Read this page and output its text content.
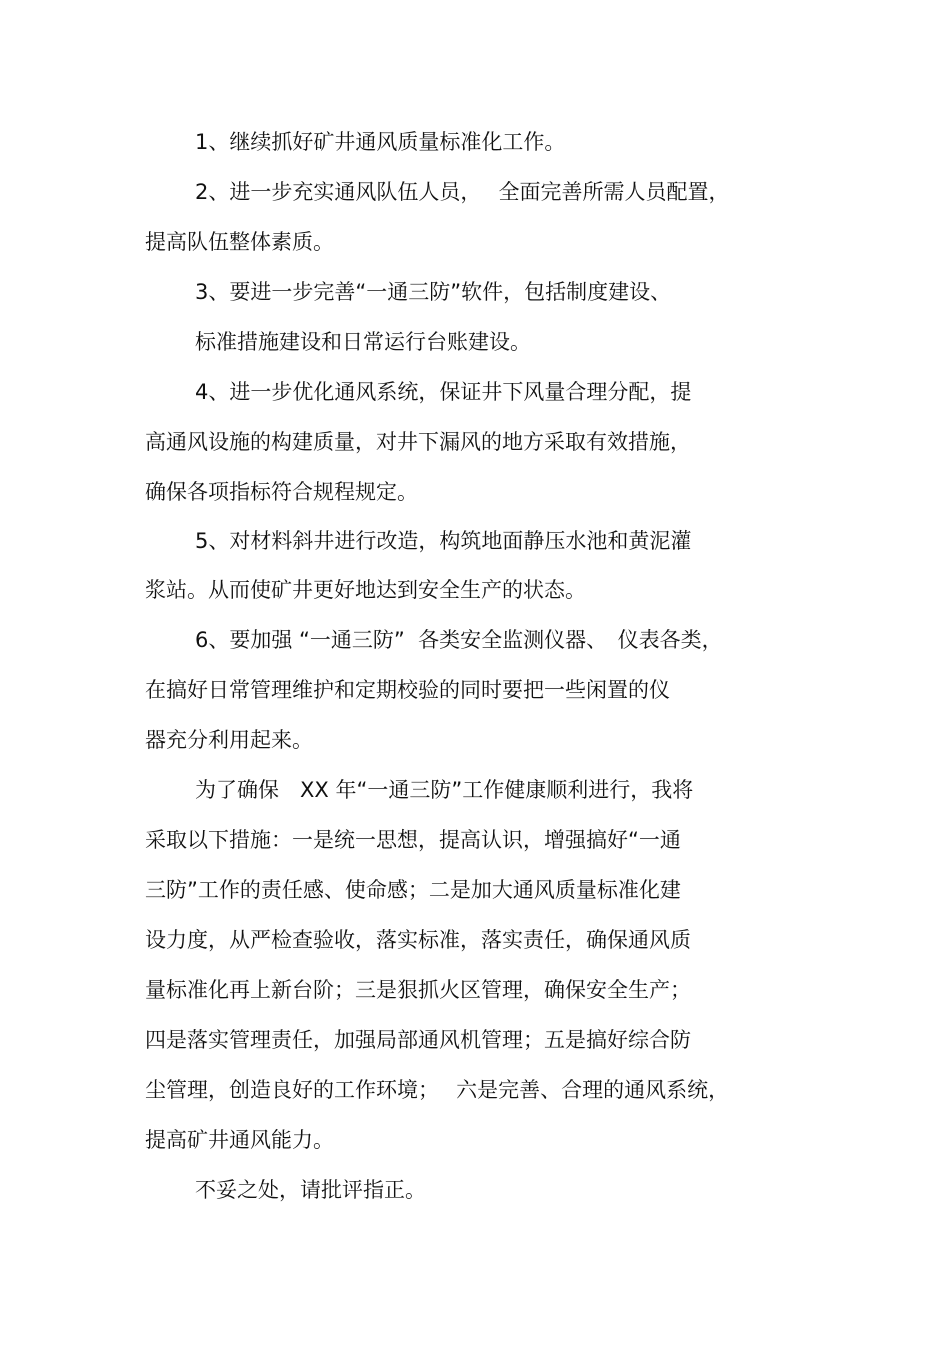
1、继续抓好矿井通风质量标准化工作。

2、进一步充实通风队伍人员，　 全面完善所需人员配置，

提高队伍整体素质。

3、要进一步完善“一通三防”软件，包括制度建设、

标准措施建设和日常运行台账建设。

4、进一步优化通风系统，保证井下风量合理分配，提

高通风设施的构建质量，对井下漏风的地方采取有效措施，

确保各项指标符合规程规定。

5、对材料斜井进行改造，构筑地面静压水池和黄泥灌

浆站。从而使矿井更好地达到安全生产的状态。

6、要加强 “一通三防”  各类安全监测仪器、　仪表各类，

在搞好日常管理维护和定期校验的同时要把一些闲置的仪

器充分利用起来。

为了确保　XX 年“一通三防”工作健康顺利进行，我将

采取以下措施：一是统一思想，提高认识，增强搞好“一通

三防”工作的责任感、使命感；二是加大通风质量标准化建

设力度，从严检查验收，落实标准，落实责任，确保通风质

量标准化再上新台阶；三是狠抓火区管理，确保安全生产；

四是落实管理责任，加强局部通风机管理；五是搞好综合防

尘管理，创造良好的工作环境；　 六是完善、合理的通风系统，

提高矿井通风能力。

不妥之处，请批评指正。
